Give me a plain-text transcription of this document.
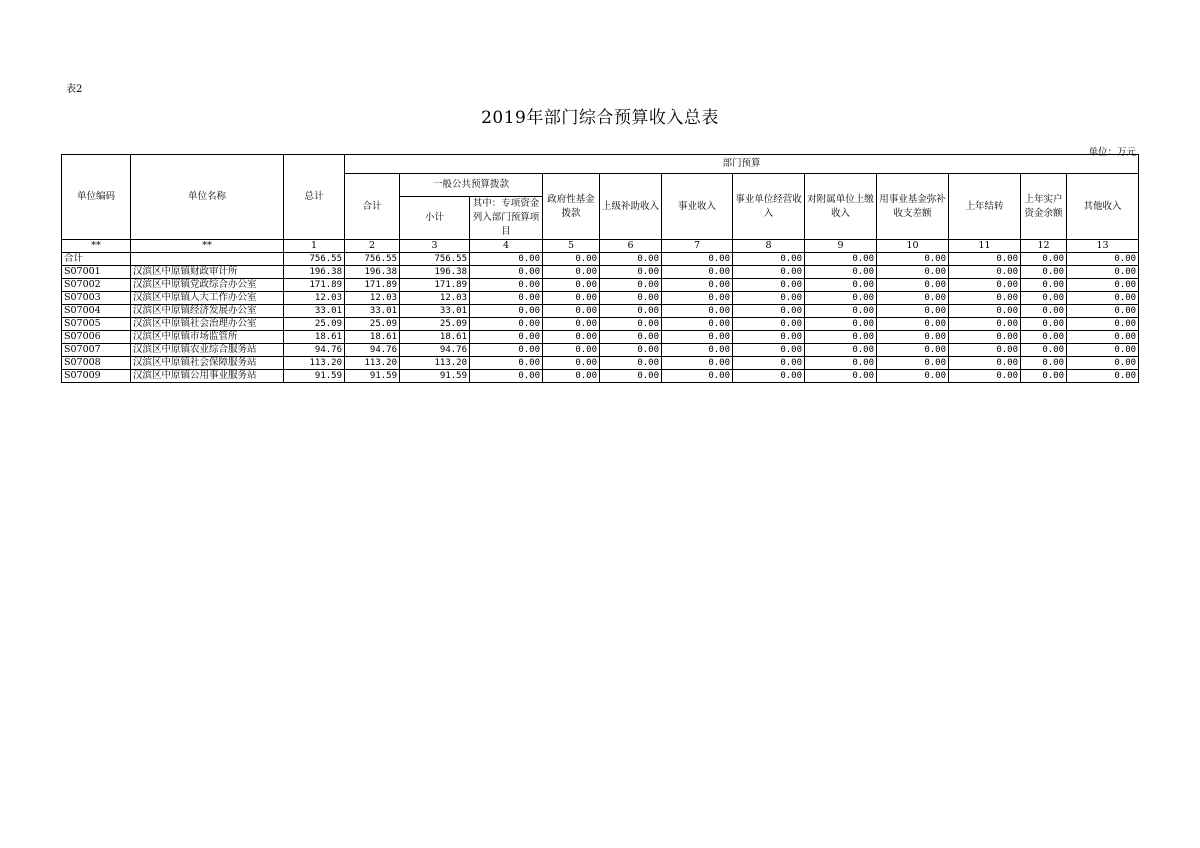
表2
2019年部门综合预算收入总表
单位：万元
单位编码	单位名称	总计	部门预算											
			合计	一般公共预算拨款		政府性基金拨款	上级补助收入	事业收入	事业单位经营收入	对附属单位上缴收入	用事业基金弥补收支差额	上年结转	上年实户资金余额	其他收入
				小计	其中：专项资金列入部门预算项目									
**	**	1	2	3	4	5	6	7	8	9	10	11	12	13
合计		756.55	756.55	756.55	0.00	0.00	0.00	0.00	0.00	0.00	0.00	0.00	0.00	0.00
S07001	汉滨区中原镇财政审计所	196.38	196.38	196.38	0.00	0.00	0.00	0.00	0.00	0.00	0.00	0.00	0.00	0.00
S07002	汉滨区中原镇党政综合办公室	171.89	171.89	171.89	0.00	0.00	0.00	0.00	0.00	0.00	0.00	0.00	0.00	0.00
S07003	汉滨区中原镇人大工作办公室	12.03	12.03	12.03	0.00	0.00	0.00	0.00	0.00	0.00	0.00	0.00	0.00	0.00
S07004	汉滨区中原镇经济发展办公室	33.01	33.01	33.01	0.00	0.00	0.00	0.00	0.00	0.00	0.00	0.00	0.00	0.00
S07005	汉滨区中原镇社会治理办公室	25.09	25.09	25.09	0.00	0.00	0.00	0.00	0.00	0.00	0.00	0.00	0.00	0.00
S07006	汉滨区中原镇市场监管所	18.61	18.61	18.61	0.00	0.00	0.00	0.00	0.00	0.00	0.00	0.00	0.00	0.00
S07007	汉滨区中原镇农业综合服务站	94.76	94.76	94.76	0.00	0.00	0.00	0.00	0.00	0.00	0.00	0.00	0.00	0.00
S07008	汉滨区中原镇社会保障服务站	113.20	113.20	113.20	0.00	0.00	0.00	0.00	0.00	0.00	0.00	0.00	0.00	0.00
S07009	汉滨区中原镇公用事业服务站	91.59	91.59	91.59	0.00	0.00	0.00	0.00	0.00	0.00	0.00	0.00	0.00	0.00
